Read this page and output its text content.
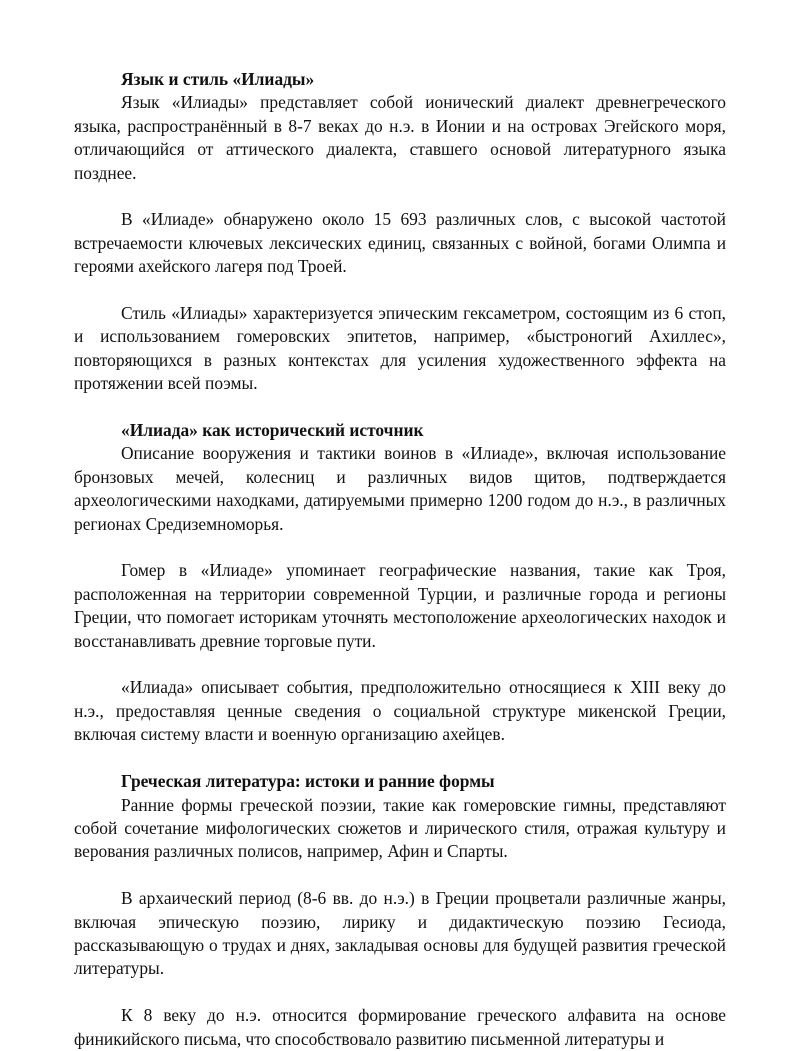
Язык и стиль «Илиады»

Язык «Илиады» представляет собой ионический диалект древнегреческого языка, распространённый в 8-7 веках до н.э. в Ионии и на островах Эгейского моря, отличающийся от аттического диалекта, ставшего основой литературного языка позднее.

В «Илиаде» обнаружено около 15 693 различных слов, с высокой частотой встречаемости ключевых лексических единиц, связанных с войной, богами Олимпа и героями ахейского лагеря под Троей.

Стиль «Илиады» характеризуется эпическим гексаметром, состоящим из 6 стоп, и использованием гомеровских эпитетов, например, «быстроногий Ахиллес», повторяющихся в разных контекстах для усиления художественного эффекта на протяжении всей поэмы.

«Илиада» как исторический источник

Описание вооружения и тактики воинов в «Илиаде», включая использование бронзовых мечей, колесниц и различных видов щитов, подтверждается археологическими находками, датируемыми примерно 1200 годом до н.э., в различных регионах Средиземноморья.

Гомер в «Илиаде» упоминает географические названия, такие как Троя, расположенная на территории современной Турции, и различные города и регионы Греции, что помогает историкам уточнять местоположение археологических находок и восстанавливать древние торговые пути.

«Илиада» описывает события, предположительно относящиеся к XIII веку до н.э., предоставляя ценные сведения о социальной структуре микенской Греции, включая систему власти и военную организацию ахейцев.

Греческая литература: истоки и ранние формы

Ранние формы греческой поэзии, такие как гомеровские гимны, представляют собой сочетание мифологических сюжетов и лирического стиля, отражая культуру и верования различных полисов, например, Афин и Спарты.

В архаический период (8-6 вв. до н.э.) в Греции процветали различные жанры, включая эпическую поэзию, лирику и дидактическую поэзию Гесиода, рассказывающую о трудах и днях, закладывая основы для будущей развития греческой литературы.

К 8 веку до н.э. относится формирование греческого алфавита на основе финикийского письма, что способствовало развитию письменной литературы и
